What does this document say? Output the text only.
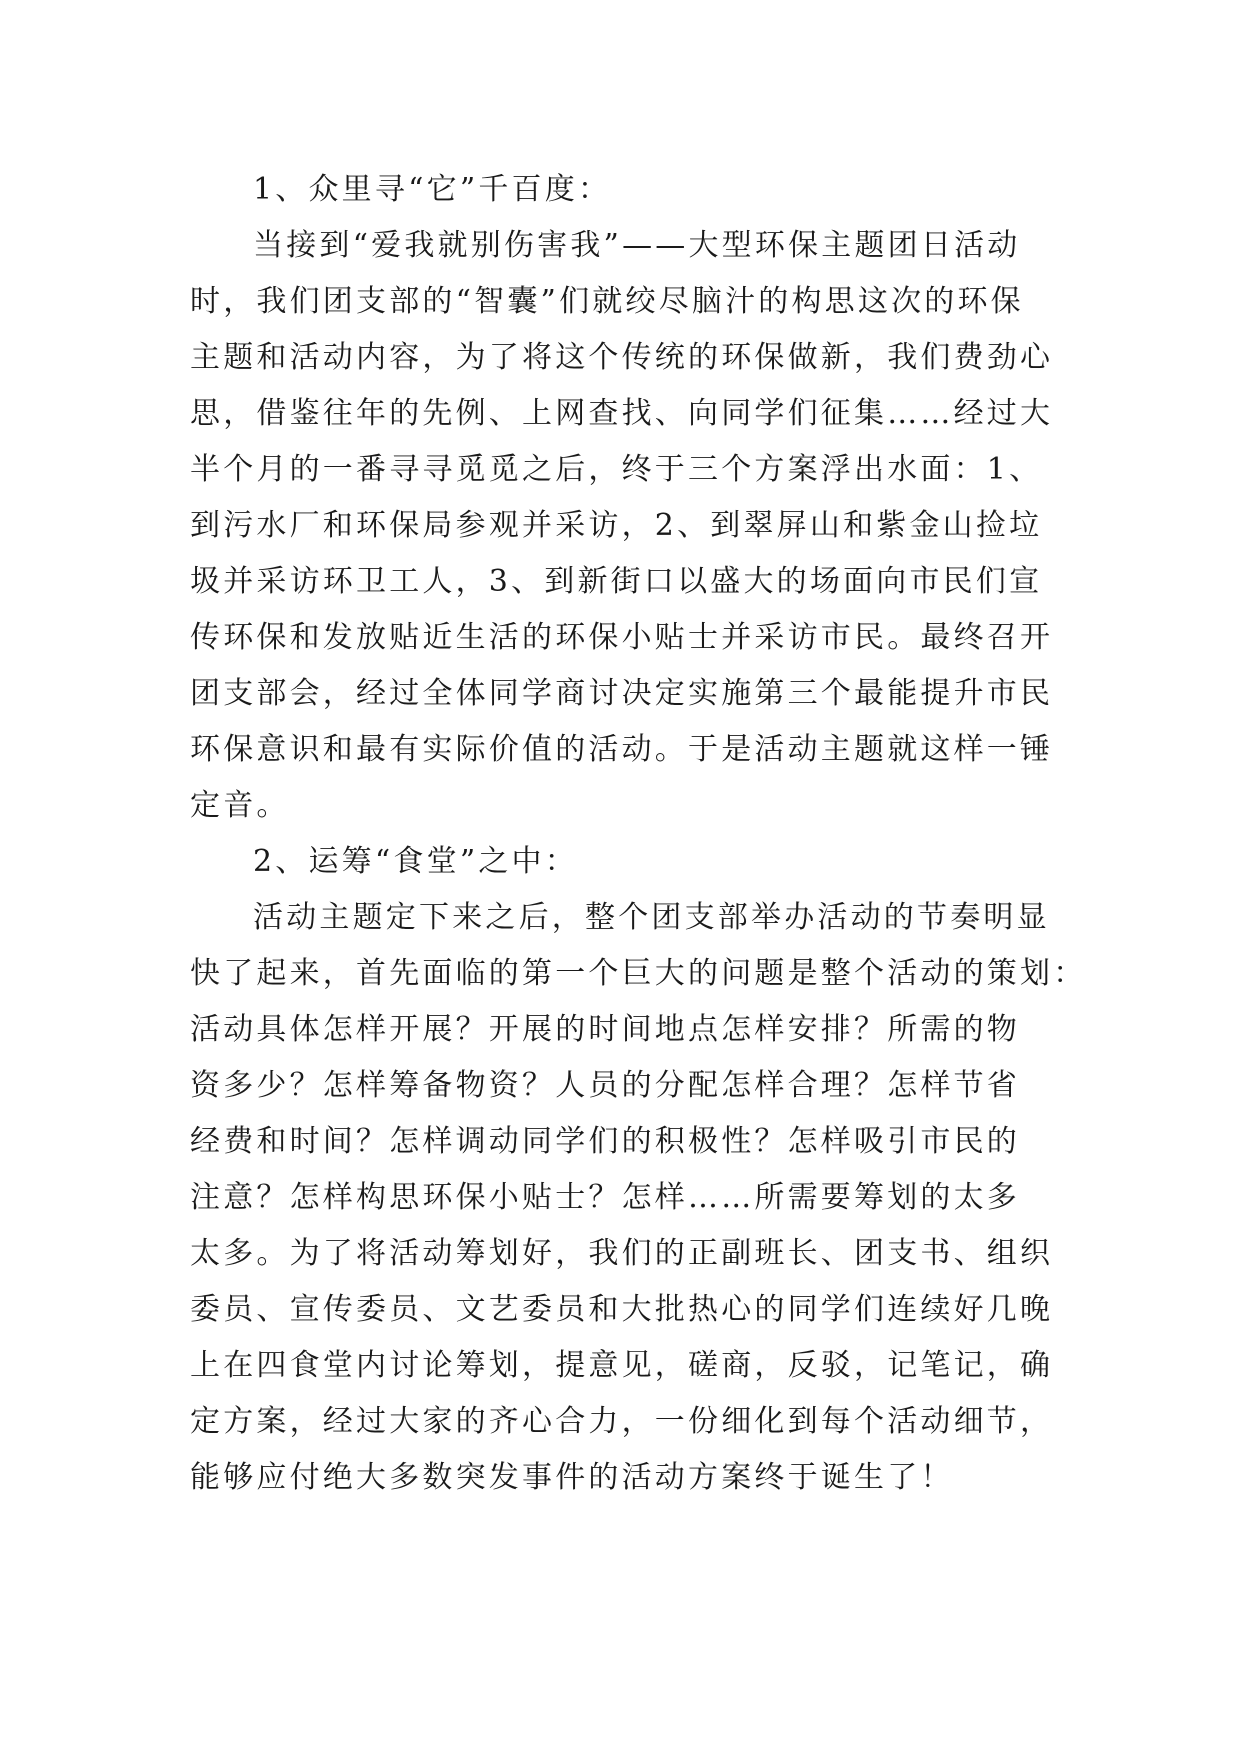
1、众里寻“它”千百度：
当接到“爱我就别伤害我”——大型环保主题团日活动
时，我们团支部的“智囊”们就绞尽脑汁的构思这次的环保
主题和活动内容，为了将这个传统的环保做新，我们费劲心
思，借鉴往年的先例、上网查找、向同学们征集……经过大
半个月的一番寻寻觅觅之后，终于三个方案浮出水面：1、
到污水厂和环保局参观并采访，2、到翠屏山和紫金山捡垃
圾并采访环卫工人，3、到新街口以盛大的场面向市民们宣
传环保和发放贴近生活的环保小贴士并采访市民。最终召开
团支部会，经过全体同学商讨决定实施第三个最能提升市民
环保意识和最有实际价值的活动。于是活动主题就这样一锤
定音。
2、运筹“食堂”之中：
活动主题定下来之后，整个团支部举办活动的节奏明显
快了起来，首先面临的第一个巨大的问题是整个活动的策划：
活动具体怎样开展？开展的时间地点怎样安排？所需的物
资多少？怎样筹备物资？人员的分配怎样合理？怎样节省
经费和时间？怎样调动同学们的积极性？怎样吸引市民的
注意？怎样构思环保小贴士？怎样……所需要筹划的太多
太多。为了将活动筹划好，我们的正副班长、团支书、组织
委员、宣传委员、文艺委员和大批热心的同学们连续好几晚
上在四食堂内讨论筹划，提意见，磋商，反驳，记笔记，确
定方案，经过大家的齐心合力，一份细化到每个活动细节，
能够应付绝大多数突发事件的活动方案终于诞生了！
